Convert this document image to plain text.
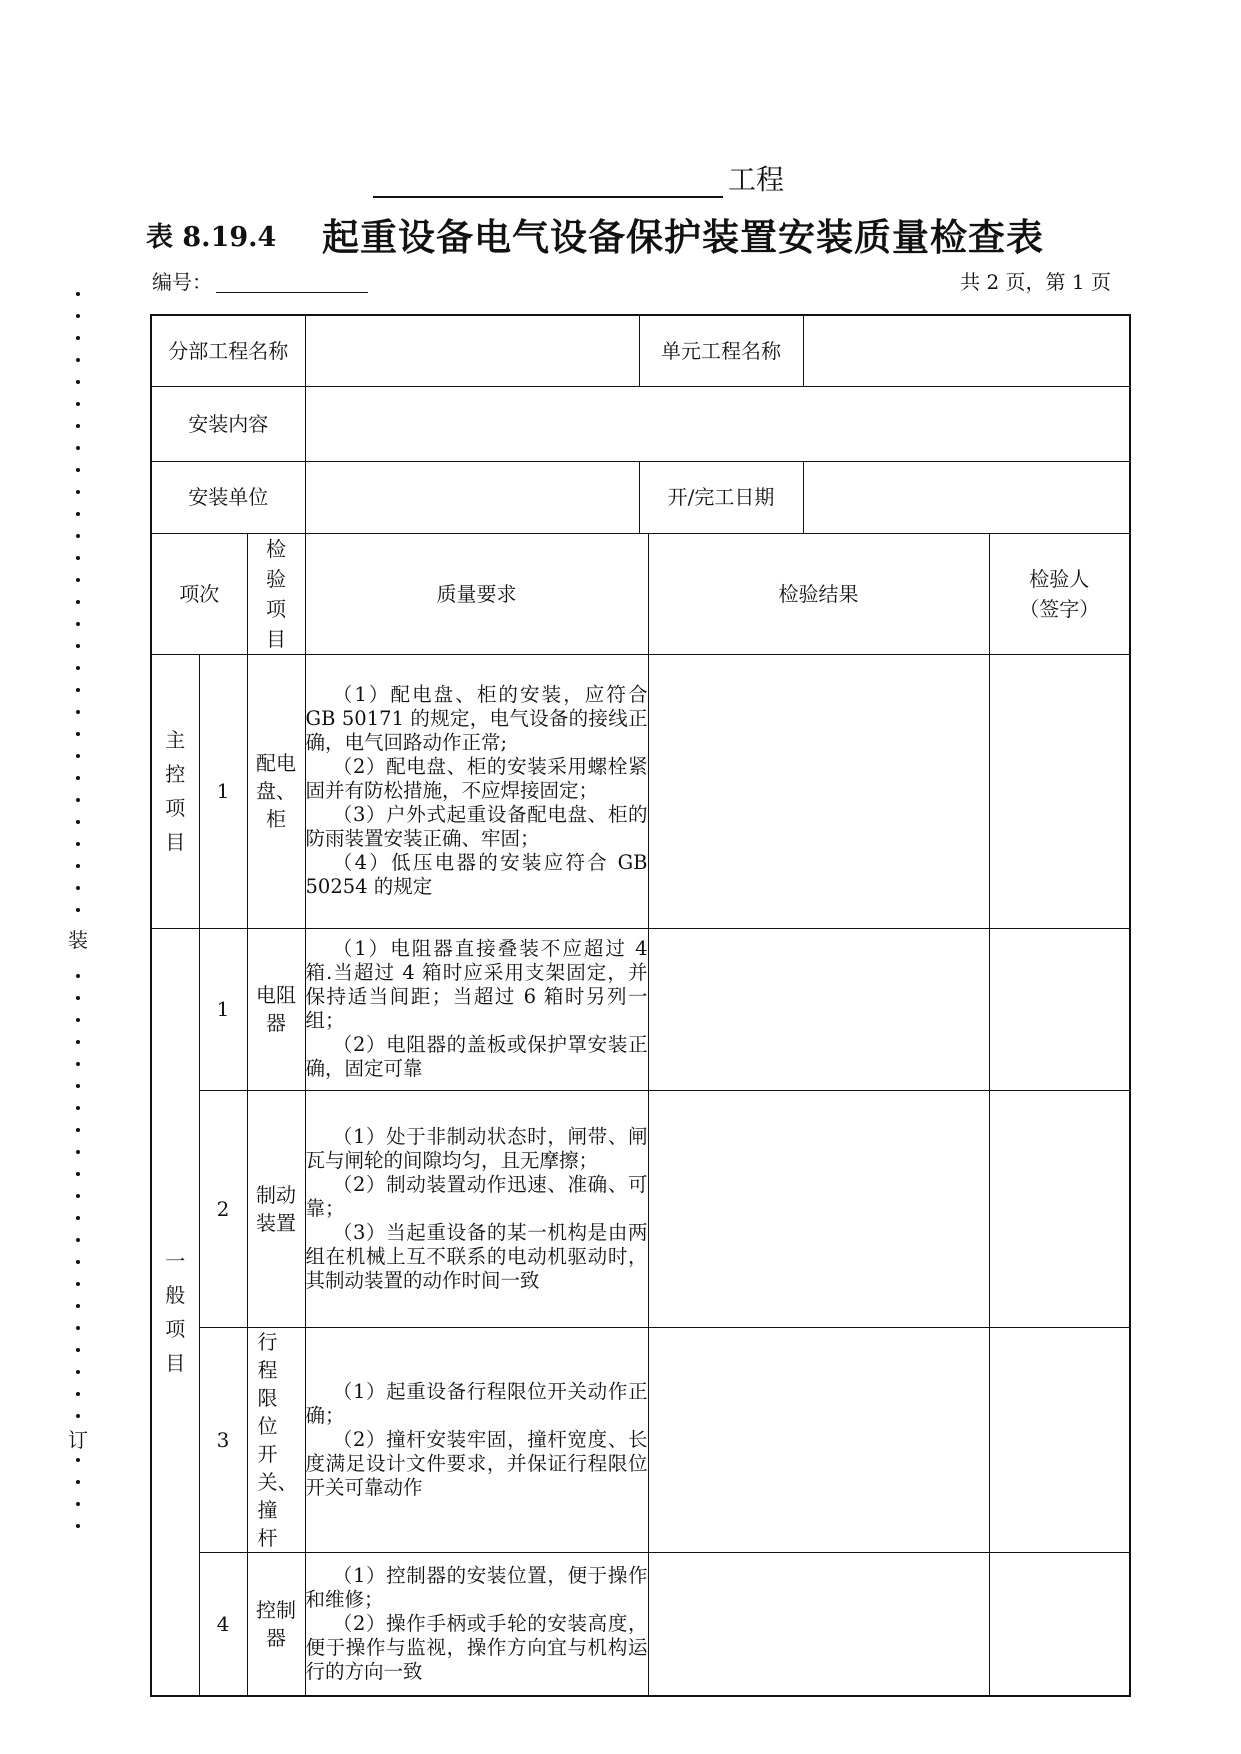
工程
表 8.19.4 起重设备电气设备保护装置安装质量检查表
编号：	共 2 页，第 1 页
装
订
分部工程名称				单元工程名称			
安装内容							
安装单位				开/完工日期			
项次		检验项目	质量要求		检验结果		检验人（签字）
主控项目	1	配电盘、柜	（1）配电盘、柜的安装，应符合 GB 50171 的规定，电气设备的接线正确，电气回路动作正常;
（2）配电盘、柜的安装采用螺栓紧固并有防松措施，不应焊接固定；
（3）户外式起重设备配电盘、柜的防雨装置安装正确、牢固；
（4）低压电器的安装应符合 GB 50254 的规定				

一般项目	1	电阻器	（1）电阻器直接叠装不应超过 4 箱.当超过 4 箱时应采用支架固定，并保持适当间距；当超过 6 箱时另列一组；
（2）电阻器的盖板或保护罩安装正确，固定可靠				

	2	制动装置	（1）处于非制动状态时，闸带、闸瓦与闸轮的间隙均匀，且无摩擦；
（2）制动装置动作迅速、准确、可靠；
（3）当起重设备的某一机构是由两组在机械上互不联系的电动机驱动时，其制动装置的动作时间一致				

	3	行程限位开关、撞杆	（1）起重设备行程限位开关动作正确；
（2）撞杆安装牢固，撞杆宽度、长度满足设计文件要求，并保证行程限位开关可靠动作				

	4	控制器	（1）控制器的安装位置，便于操作和维修；
（2）操作手柄或手轮的安装高度，便于操作与监视，操作方向宜与机构运行的方向一致				
